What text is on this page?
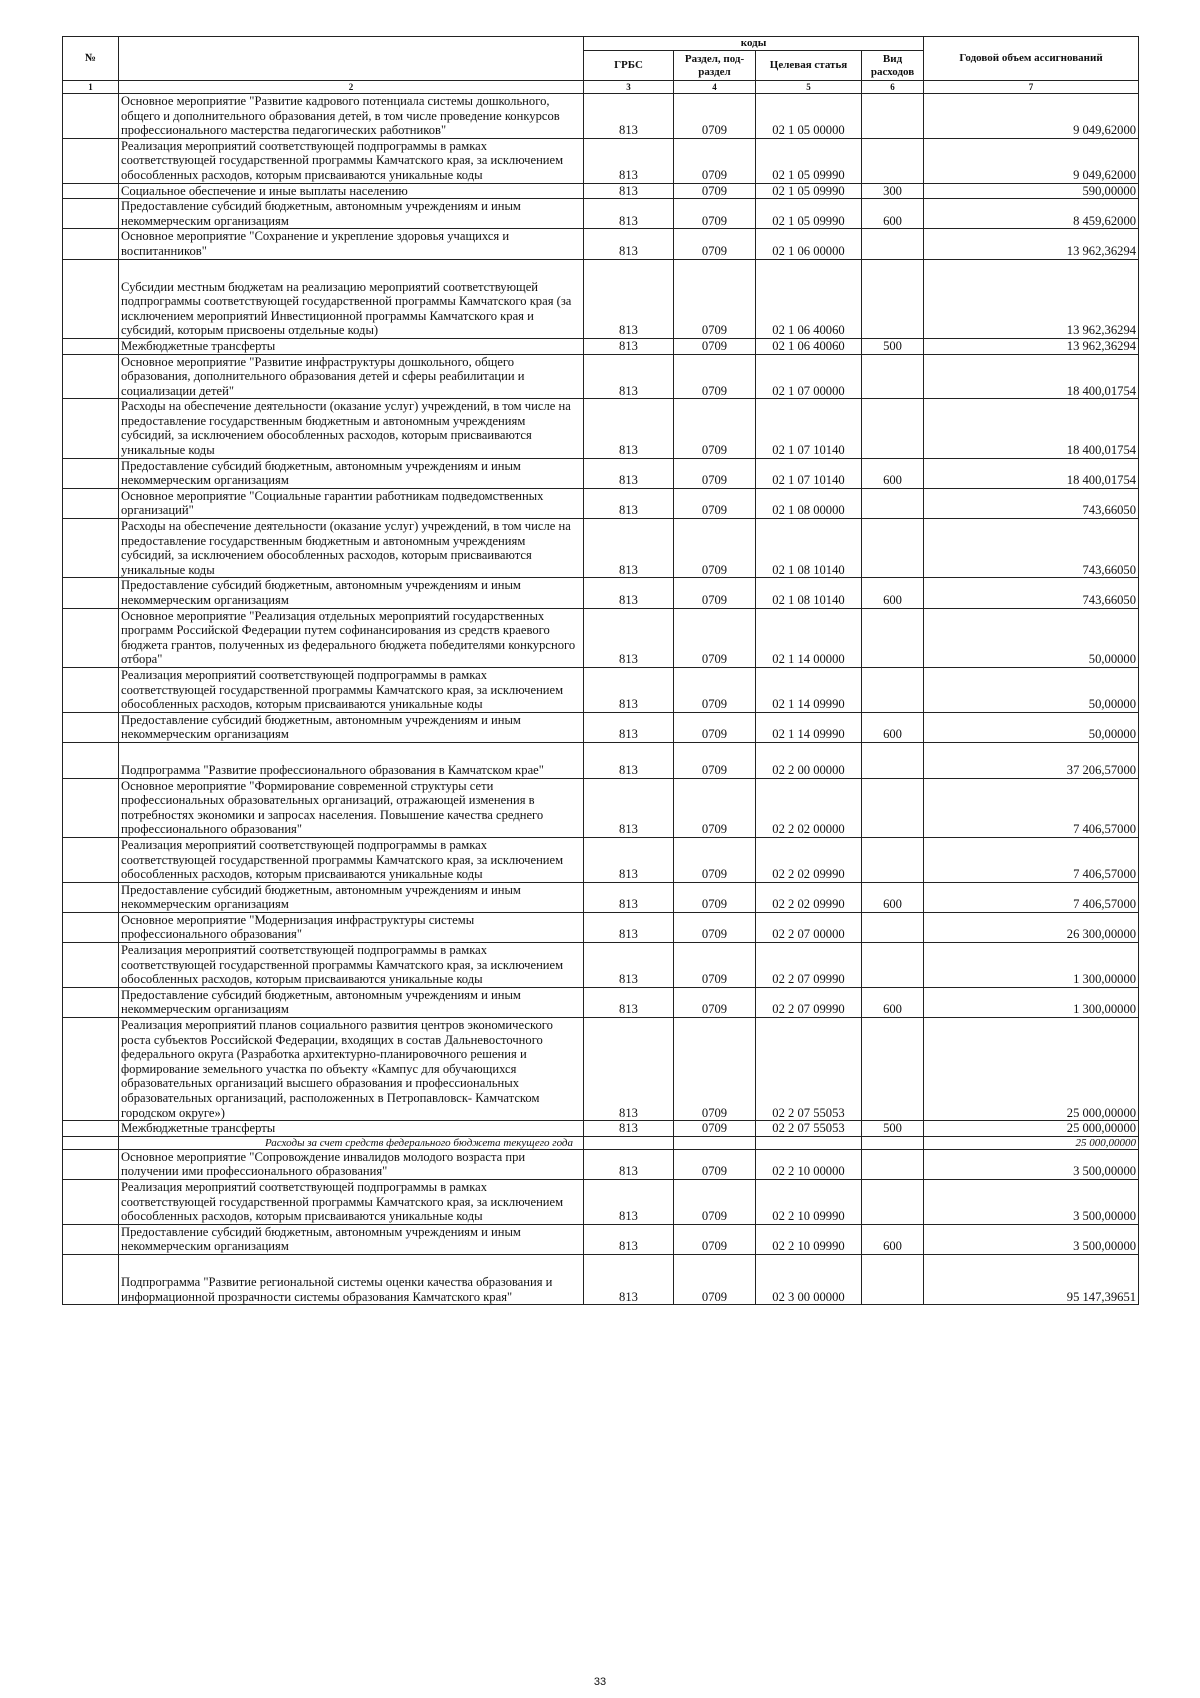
№		коды				Годовой объем ассигнований
		ГРБС	Раздел, под-раздел	Целевая статья	Вид расходов	
1	2	3	4	5	6	7
	Основное мероприятие "Развитие кадрового потенциала системы дошкольного, общего и дополнительного образования детей, в том числе проведение конкурсов профессионального мастерства педагогических работников"	813	0709	02 1 05 00000		9 049,62000
	Реализация мероприятий соответствующей подпрограммы в рамках соответствующей государственной программы Камчатского края, за исключением обособленных расходов, которым присваиваются уникальные коды	813	0709	02 1 05 09990		9 049,62000
	Социальное обеспечение и иные выплаты населению	813	0709	02 1 05 09990	300	590,00000
	Предоставление субсидий бюджетным, автономным учреждениям и иным некоммерческим организациям	813	0709	02 1 05 09990	600	8 459,62000
	Основное мероприятие "Сохранение и укрепление здоровья учащихся и воспитанников"	813	0709	02 1 06 00000		13 962,36294
	Субсидии местным бюджетам на реализацию мероприятий соответствующей подпрограммы соответствующей государственной программы Камчатского края (за исключением мероприятий Инвестиционной программы Камчатского края и субсидий, которым присвоены отдельные коды)	813	0709	02 1 06 40060		13 962,36294
	Межбюджетные трансферты	813	0709	02 1 06 40060	500	13 962,36294
	Основное мероприятие "Развитие инфраструктуры дошкольного, общего образования, дополнительного образования детей и сферы реабилитации и социализации детей"	813	0709	02 1 07 00000		18 400,01754
	Расходы на обеспечение деятельности (оказание услуг) учреждений, в том числе на предоставление государственным бюджетным и автономным учреждениям субсидий, за исключением обособленных расходов, которым присваиваются уникальные коды	813	0709	02 1 07 10140		18 400,01754
	Предоставление субсидий бюджетным, автономным учреждениям и иным некоммерческим организациям	813	0709	02 1 07 10140	600	18 400,01754
	Основное мероприятие "Социальные гарантии работникам подведомственных организаций"	813	0709	02 1 08 00000		743,66050
	Расходы на обеспечение деятельности (оказание услуг) учреждений, в том числе на предоставление государственным бюджетным и автономным учреждениям субсидий, за исключением обособленных расходов, которым присваиваются уникальные коды	813	0709	02 1 08 10140		743,66050
	Предоставление субсидий бюджетным, автономным учреждениям и иным некоммерческим организациям	813	0709	02 1 08 10140	600	743,66050
	Основное мероприятие "Реализация отдельных мероприятий государственных программ Российской Федерации путем софинансирования из средств краевого бюджета грантов, полученных из федерального бюджета победителями конкурсного отбора"	813	0709	02 1 14 00000		50,00000
	Реализация мероприятий соответствующей подпрограммы в рамках соответствующей государственной программы Камчатского края, за исключением обособленных расходов, которым присваиваются уникальные коды	813	0709	02 1 14 09990		50,00000
	Предоставление субсидий бюджетным, автономным учреждениям и иным некоммерческим организациям	813	0709	02 1 14 09990	600	50,00000
	Подпрограмма "Развитие профессионального образования в Камчатском крае"	813	0709	02 2 00 00000		37 206,57000
	Основное мероприятие "Формирование современной структуры сети профессиональных образовательных организаций, отражающей изменения в потребностях экономики и запросах населения. Повышение качества среднего профессионального образования"	813	0709	02 2 02 00000		7 406,57000
	Реализация мероприятий соответствующей подпрограммы в рамках соответствующей государственной программы Камчатского края, за исключением обособленных расходов, которым присваиваются уникальные коды	813	0709	02 2 02 09990		7 406,57000
	Предоставление субсидий бюджетным, автономным учреждениям и иным некоммерческим организациям	813	0709	02 2 02 09990	600	7 406,57000
	Основное мероприятие "Модернизация инфраструктуры системы профессионального образования"	813	0709	02 2 07 00000		26 300,00000
	Реализация мероприятий соответствующей подпрограммы в рамках соответствующей государственной программы Камчатского края, за исключением обособленных расходов, которым присваиваются уникальные коды	813	0709	02 2 07 09990		1 300,00000
	Предоставление субсидий бюджетным, автономным учреждениям и иным некоммерческим организациям	813	0709	02 2 07 09990	600	1 300,00000
	Реализация мероприятий планов социального развития центров экономического роста субъектов Российской Федерации, входящих в состав Дальневосточного федерального округа (Разработка архитектурно-планировочного решения и формирование земельного участка по объекту «Кампус для обучающихся образовательных организаций высшего образования и профессиональных образовательных организаций, расположенных в Петропавловск- Камчатском городском округе»)	813	0709	02 2 07 55053		25 000,00000
	Межбюджетные трансферты	813	0709	02 2 07 55053	500	25 000,00000
	Расходы за счет средств федерального бюджета текущего года					25 000,00000
	Основное мероприятие "Сопровождение инвалидов молодого возраста при получении ими профессионального образования"	813	0709	02 2 10 00000		3 500,00000
	Реализация мероприятий соответствующей подпрограммы в рамках соответствующей государственной программы Камчатского края, за исключением обособленных расходов, которым присваиваются уникальные коды	813	0709	02 2 10 09990		3 500,00000
	Предоставление субсидий бюджетным, автономным учреждениям и иным некоммерческим организациям	813	0709	02 2 10 09990	600	3 500,00000
	Подпрограмма "Развитие региональной системы оценки качества образования и информационной прозрачности системы образования Камчатского края"	813	0709	02 3 00 00000		95 147,39651
33
